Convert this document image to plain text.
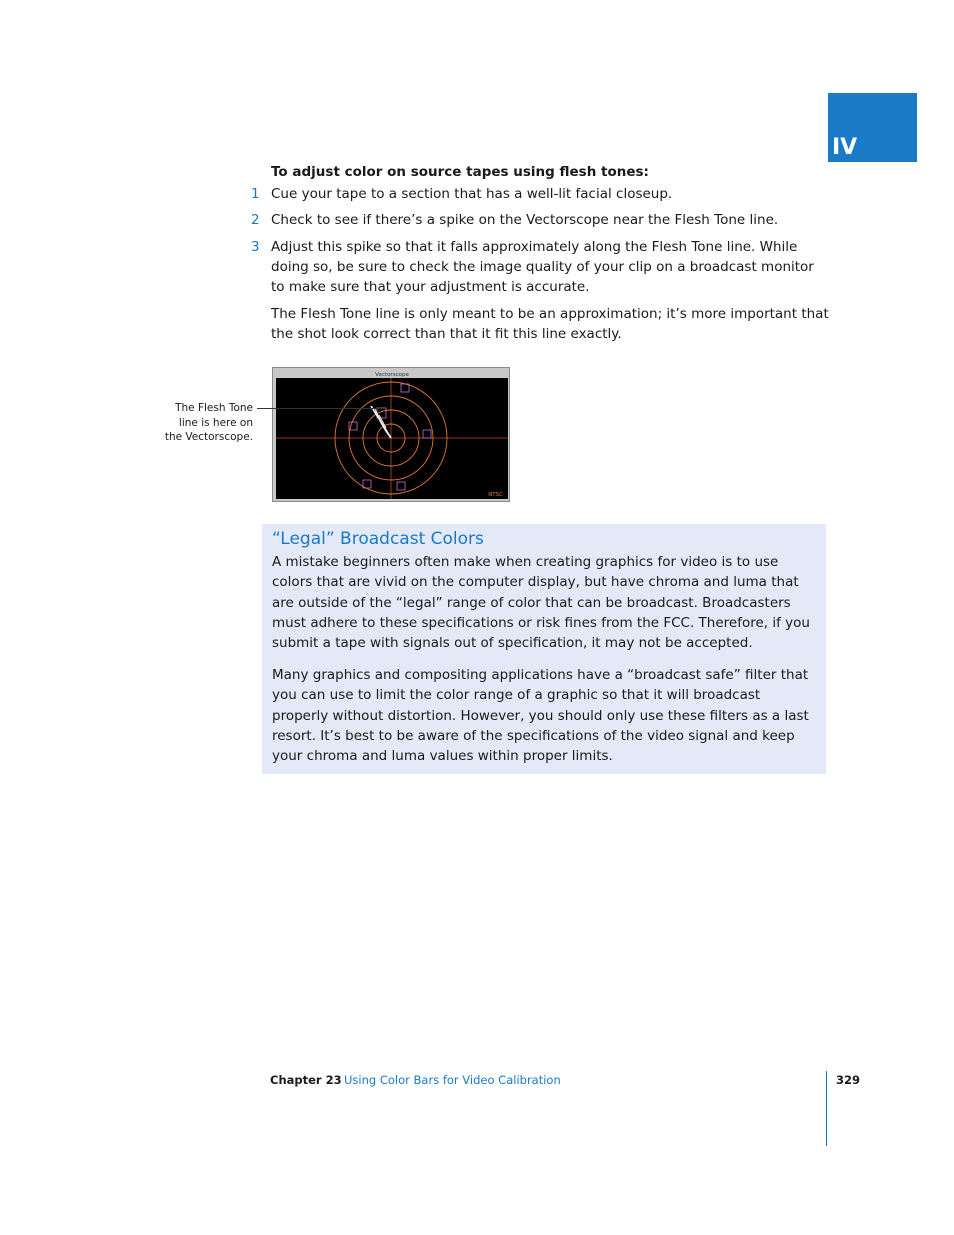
IV

To adjust color on source tapes using flesh tones:

1 Cue your tape to a section that has a well-lit facial closeup.
2 Check to see if there’s a spike on the Vectorscope near the Flesh Tone line.
3 Adjust this spike so that it falls approximately along the Flesh Tone line. While doing so, be sure to check the image quality of your clip on a broadcast monitor to make sure that your adjustment is accurate.

The Flesh Tone line is only meant to be an approximation; it’s more important that the shot look correct than that it fit this line exactly.

Vectorscope
NTSC
The Flesh Tone line is here on the Vectorscope.
“Legal” Broadcast Colors

A mistake beginners often make when creating graphics for video is to use colors that are vivid on the computer display, but have chroma and luma that are outside of the “legal” range of color that can be broadcast. Broadcasters must adhere to these specifications or risk fines from the FCC. Therefore, if you submit a tape with signals out of specification, it may not be accepted.

Many graphics and compositing applications have a “broadcast safe” filter that you can use to limit the color range of a graphic so that it will broadcast properly without distortion. However, you should only use these filters as a last resort. It’s best to be aware of the specifications of the video signal and keep your chroma and luma values within proper limits.

Chapter 23 Using Color Bars for Video Calibration	329
